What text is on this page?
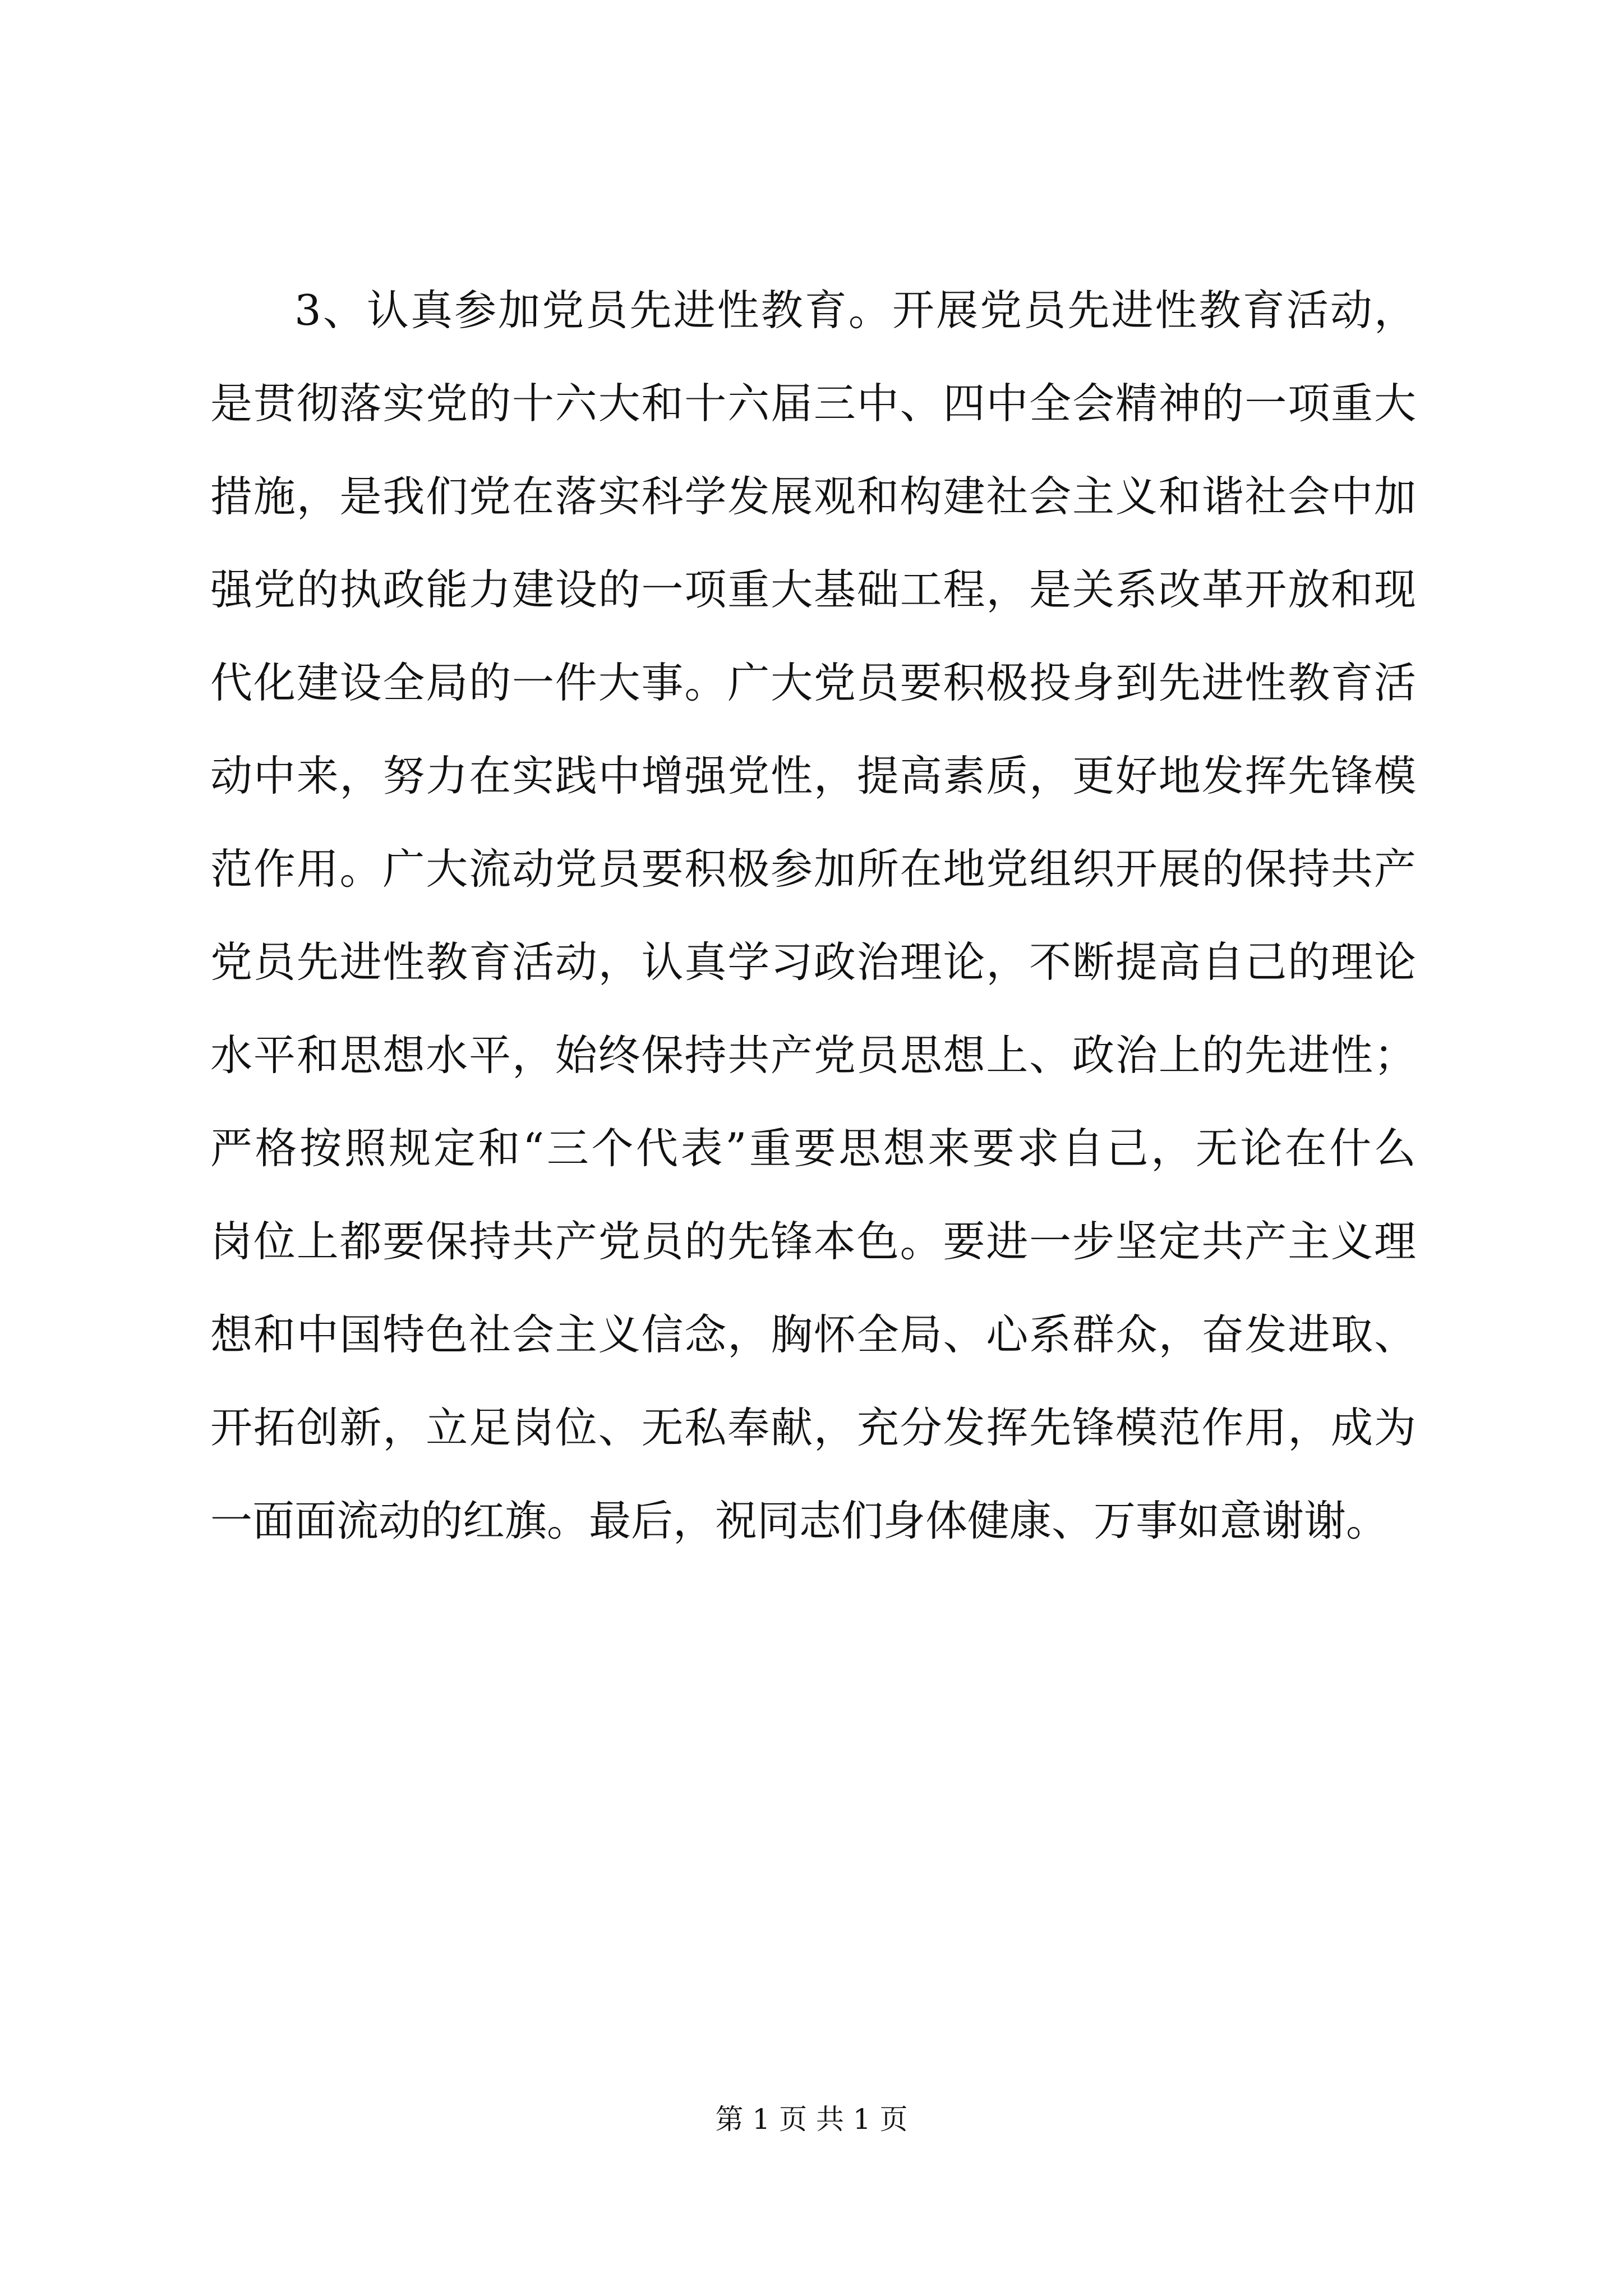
3、认真参加党员先进性教育。开展党员先进性教育活动，
是贯彻落实党的十六大和十六届三中、四中全会精神的一项重大
措施，是我们党在落实科学发展观和构建社会主义和谐社会中加
强党的执政能力建设的一项重大基础工程，是关系改革开放和现
代化建设全局的一件大事。广大党员要积极投身到先进性教育活
动中来，努力在实践中增强党性，提高素质，更好地发挥先锋模
范作用。广大流动党员要积极参加所在地党组织开展的保持共产
党员先进性教育活动，认真学习政治理论，不断提高自己的理论
水平和思想水平，始终保持共产党员思想上、政治上的先进性；
严格按照规定和“三个代表”重要思想来要求自己，无论在什么
岗位上都要保持共产党员的先锋本色。要进一步坚定共产主义理
想和中国特色社会主义信念，胸怀全局、心系群众，奋发进取、
开拓创新，立足岗位、无私奉献，充分发挥先锋模范作用，成为
一面面流动的红旗。最后，祝同志们身体健康、万事如意谢谢。
第 1 页 共 1 页
